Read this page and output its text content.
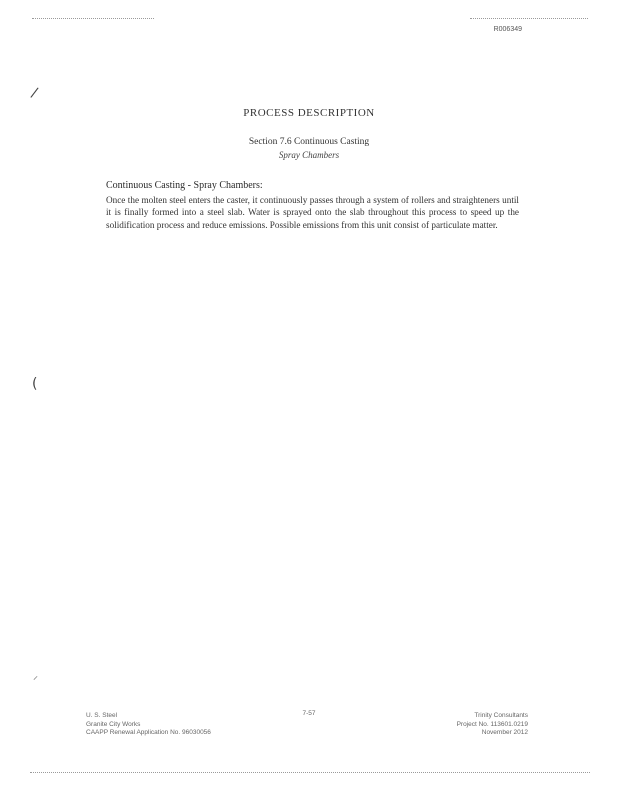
R006349
/
(
⸝
PROCESS DESCRIPTION
Section 7.6 Continuous Casting
Spray Chambers
Continuous Casting - Spray Chambers:

Once the molten steel enters the caster, it continuously passes through a system of rollers and straighteners until it is finally formed into a steel slab. Water is sprayed onto the slab throughout this process to speed up the solidification process and reduce emissions. Possible emissions from this unit consist of particulate matter.

U. S. Steel
Granite City Works
CAAPP Renewal Application No. 96030056
7-57	Trinity Consultants
Project No. 113601.0219
November 2012
